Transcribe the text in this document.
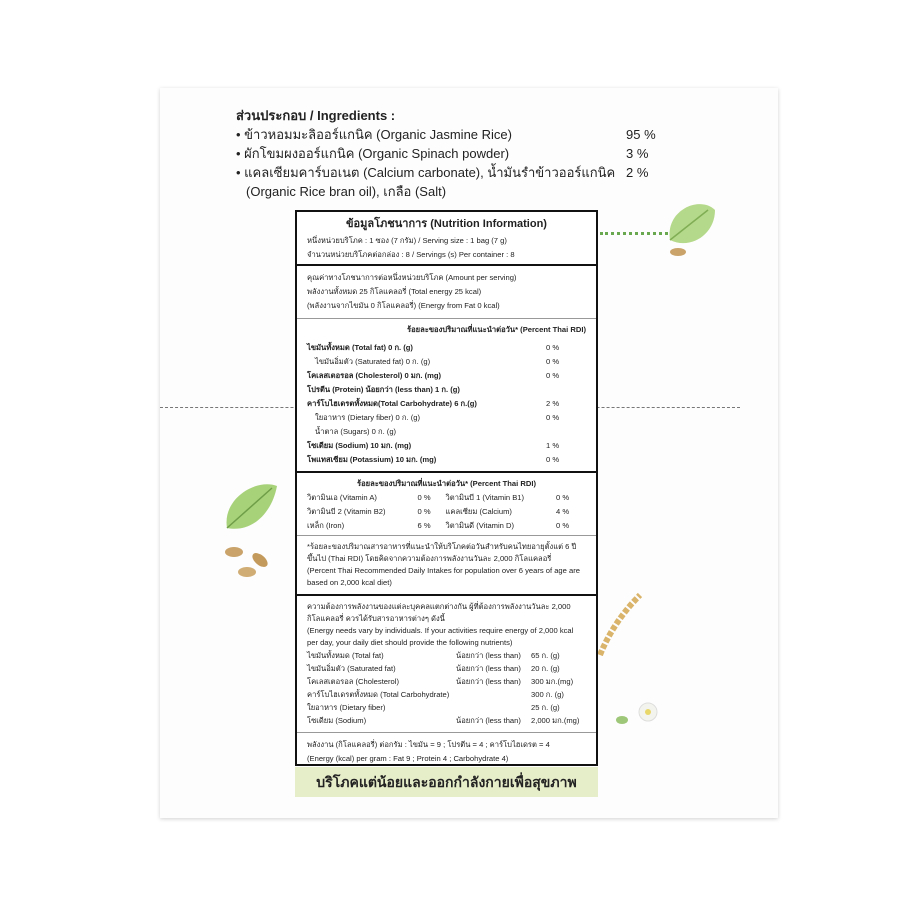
ส่วนประกอบ / Ingredients :
• ข้าวหอมมะลิออร์แกนิค (Organic Jasmine Rice)	95 %
• ผักโขมผงออร์แกนิค (Organic Spinach powder)	3 %
• แคลเซียมคาร์บอเนต (Calcium carbonate), น้ำมันรำข้าวออร์แกนิค 2 %
(Organic Rice bran oil), เกลือ (Salt)
ข้อมูลโภชนาการ (Nutrition Information)
หนึ่งหน่วยบริโภค : 1 ซอง (7 กรัม) / Serving size : 1 bag (7 g)
จำนวนหน่วยบริโภคต่อกล่อง : 8 / Servings (s) Per container : 8
คุณค่าทางโภชนาการต่อหนึ่งหน่วยบริโภค (Amount per serving)
พลังงานทั้งหมด 25 กิโลแคลอรี่ (Total energy 25 kcal)
(พลังงานจากไขมัน 0 กิโลแคลอรี่) (Energy from Fat 0 kcal)
ร้อยละของปริมาณที่แนะนำต่อวัน* (Percent Thai RDI)
ไขมันทั้งหมด (Total fat) 0 ก. (g)	0 %
ไขมันอิ่มตัว (Saturated fat) 0 ก. (g)	0 %
โคเลสเตอรอล (Cholesterol) 0 มก. (mg)	0 %
โปรตีน (Protein) น้อยกว่า (less than) 1 ก. (g)
คาร์โบไฮเดรตทั้งหมด(Total Carbohydrate) 6 ก.(g)	2 %
ใยอาหาร (Dietary fiber) 0 ก. (g)	0 %
น้ำตาล (Sugars) 0 ก. (g)
โซเดียม (Sodium) 10 มก. (mg)	1 %
โพแทสเซียม (Potassium) 10 มก. (mg)	0 %
ร้อยละของปริมาณที่แนะนำต่อวัน* (Percent Thai RDI)
วิตามินเอ (Vitamin A)	0 %	วิตามินบี 1 (Vitamin B1)	0 %
วิตามินบี 2 (Vitamin B2)	0 %	แคลเซียม (Calcium)	4 %
เหล็ก (Iron)	6 %	วิตามินดี (Vitamin D)	0 %
*ร้อยละของปริมาณสารอาหารที่แนะนำให้บริโภคต่อวันสำหรับคนไทยอายุตั้งแต่ 6 ปีขึ้นไป (Thai RDI) โดยคิดจากความต้องการพลังงานวันละ 2,000 กิโลแคลอรี่
(Percent Thai Recommended Daily Intakes for population over 6 years of age are based on 2,000 kcal diet)
ความต้องการพลังงานของแต่ละบุคคลแตกต่างกัน ผู้ที่ต้องการพลังงานวันละ 2,000 กิโลแคลอรี่ ควรได้รับสารอาหารต่างๆ ดังนี้
(Energy needs vary by individuals. If your activities require energy of 2,000 kcal per day, your daily diet should provide the following nutrients)
ไขมันทั้งหมด (Total fat)	น้อยกว่า (less than)	65 ก. (g)
ไขมันอิ่มตัว (Saturated fat)	น้อยกว่า (less than)	20 ก. (g)
โคเลสเตอรอล (Cholesterol)	น้อยกว่า (less than)	300 มก.(mg)
คาร์โบไฮเดรตทั้งหมด (Total Carbohydrate)	300 ก. (g)
ใยอาหาร (Dietary fiber)	25 ก. (g)
โซเดียม (Sodium)	น้อยกว่า (less than)	2,000 มก.(mg)
พลังงาน (กิโลแคลอรี่) ต่อกรัม : ไขมัน = 9 ; โปรตีน = 4 ; คาร์โบไฮเดรต = 4
(Energy (kcal) per gram : Fat 9 ; Protein 4 ; Carbohydrate 4)
บริโภคแต่น้อยและออกกำลังกายเพื่อสุขภาพ
